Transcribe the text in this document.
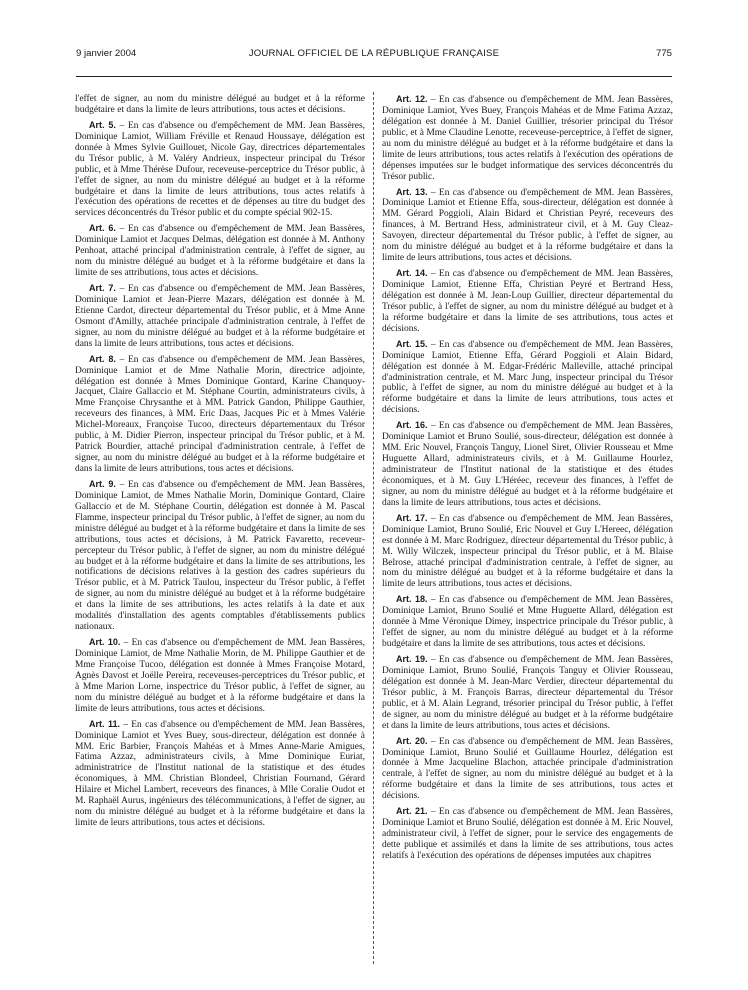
9 janvier 2004	JOURNAL OFFICIEL DE LA RÉPUBLIQUE FRANÇAISE	775

l'effet de signer, au nom du ministre délégué au budget et à la réforme budgétaire et dans la limite de leurs attributions, tous actes et décisions.

Art. 5. – En cas d'absence ou d'empêchement de MM. Jean Bassères, Dominique Lamiot, William Fréville et Renaud Houssaye, délégation est donnée à Mmes Sylvie Guillouet, Nicole Gay, directrices départementales du Trésor public, à M. Valéry Andrieux, inspecteur principal du Trésor public, et à Mme Thérèse Dufour, receveuse-perceptrice du Trésor public, à l'effet de signer, au nom du ministre délégué au budget et à la réforme budgétaire et dans la limite de leurs attributions, tous actes relatifs à l'exécution des opérations de recettes et de dépenses au titre du budget des services déconcentrés du Trésor public et du compte spécial 902-15.

Art. 6. – En cas d'absence ou d'empêchement de MM. Jean Bassères, Dominique Lamiot et Jacques Delmas, délégation est donnée à M. Anthony Penhoat, attaché principal d'administration centrale, à l'effet de signer, au nom du ministre délégué au budget et à la réforme budgétaire et dans la limite de ses attributions, tous actes et décisions.

Art. 7. – En cas d'absence ou d'empêchement de MM. Jean Bassères, Dominique Lamiot et Jean-Pierre Mazars, délégation est donnée à M. Etienne Cardot, directeur départemental du Trésor public, et à Mme Anne Osmont d'Amilly, attachée principale d'administration centrale, à l'effet de signer, au nom du ministre délégué au budget et à la réforme budgétaire et dans la limite de leurs attributions, tous actes et décisions.

Art. 8. – En cas d'absence ou d'empêchement de MM. Jean Bassères, Dominique Lamiot et de Mme Nathalie Morin, directrice adjointe, délégation est donnée à Mmes Dominique Gontard, Karine Chanquoy-Jacquet, Claire Gallaccio et M. Stéphane Courtin, administrateurs civils, à Mme Françoise Chrysanthe et à MM. Patrick Gandon, Philippe Gauthier, receveurs des finances, à MM. Eric Daas, Jacques Pic et à Mmes Valérie Michel-Moreaux, Françoise Tucoo, directeurs départementaux du Trésor public, à M. Didier Pierron, inspecteur principal du Trésor public, et à M. Patrick Bourdier, attaché principal d'administration centrale, à l'effet de signer, au nom du ministre délégué au budget et à la réforme budgétaire et dans la limite de leurs attributions, tous actes et décisions.

Art. 9. – En cas d'absence ou d'empêchement de MM. Jean Bassères, Dominique Lamiot, de Mmes Nathalie Morin, Dominique Gontard, Claire Gallaccio et de M. Stéphane Courtin, délégation est donnée à M. Pascal Flamme, inspecteur principal du Trésor public, à l'effet de signer, au nom du ministre délégué au budget et à la réforme budgétaire et dans la limite de ses attributions, tous actes et décisions, à M. Patrick Favaretto, receveur-percepteur du Trésor public, à l'effet de signer, au nom du ministre délégué au budget et à la réforme budgétaire et dans la limite de ses attributions, les notifications de décisions relatives à la gestion des cadres supérieurs du Trésor public, et à M. Patrick Taulou, inspecteur du Trésor public, à l'effet de signer, au nom du ministre délégué au budget et à la réforme budgétaire et dans la limite de ses attributions, les actes relatifs à la date et aux modalités d'installation des agents comptables d'établissements publics nationaux.

Art. 10. – En cas d'absence ou d'empêchement de MM. Jean Bassères, Dominique Lamiot, de Mme Nathalie Morin, de M. Philippe Gauthier et de Mme Françoise Tucoo, délégation est donnée à Mmes Françoise Motard, Agnès Davost et Joëlle Pereira, receveuses-perceptrices du Trésor public, et à Mme Marion Lorne, inspectrice du Trésor public, à l'effet de signer, au nom du ministre délégué au budget et à la réforme budgétaire et dans la limite de leurs attributions, tous actes et décisions.

Art. 11. – En cas d'absence ou d'empêchement de MM. Jean Bassères, Dominique Lamiot et Yves Buey, sous-directeur, délégation est donnée à MM. Eric Barbier, François Mahéas et à Mmes Anne-Marie Amigues, Fatima Azzaz, administrateurs civils, à Mme Dominique Euriat, administratrice de l'Institut national de la statistique et des études économiques, à MM. Christian Blondeel, Christian Fournand, Gérard Hilaire et Michel Lambert, receveurs des finances, à Mlle Coralie Oudot et M. Raphaël Aurus, ingénieurs des télécommunications, à l'effet de signer, au nom du ministre délégué au budget et à la réforme budgétaire et dans la limite de leurs attributions, tous actes et décisions.

Art. 12. – En cas d'absence ou d'empêchement de MM. Jean Bassères, Dominique Lamiot, Yves Buey, François Mahéas et de Mme Fatima Azzaz, délégation est donnée à M. Daniel Guillier, trésorier principal du Trésor public, et à Mme Claudine Lenotte, receveuse-perceptrice, à l'effet de signer, au nom du ministre délégué au budget et à la réforme budgétaire et dans la limite de leurs attributions, tous actes relatifs à l'exécution des opérations de dépenses imputées sur le budget informatique des services déconcentrés du Trésor public.

Art. 13. – En cas d'absence ou d'empêchement de MM. Jean Bassères, Dominique Lamiot et Etienne Effa, sous-directeur, délégation est donnée à MM. Gérard Poggioli, Alain Bidard et Christian Peyré, receveurs des finances, à M. Bertrand Hess, administrateur civil, et à M. Guy Cleaz-Savoyen, directeur départemental du Trésor public, à l'effet de signer, au nom du ministre délégué au budget et à la réforme budgétaire et dans la limite de leurs attributions, tous actes et décisions.

Art. 14. – En cas d'absence ou d'empêchement de MM. Jean Bassères, Dominique Lamiot, Etienne Effa, Christian Peyré et Bertrand Hess, délégation est donnée à M. Jean-Loup Guillier, directeur départemental du Trésor public, à l'effet de signer, au nom du ministre délégué au budget et à la réforme budgétaire et dans la limite de ses attributions, tous actes et décisions.

Art. 15. – En cas d'absence ou d'empêchement de MM. Jean Bassères, Dominique Lamiot, Etienne Effa, Gérard Poggioli et Alain Bidard, délégation est donnée à M. Edgar-Frédéric Malleville, attaché principal d'administration centrale, et M. Marc Jung, inspecteur principal du Trésor public, à l'effet de signer, au nom du ministre délégué au budget et à la réforme budgétaire et dans la limite de leurs attributions, tous actes et décisions.

Art. 16. – En cas d'absence ou d'empêchement de MM. Jean Bassères, Dominique Lamiot et Bruno Soulié, sous-directeur, délégation est donnée à MM. Eric Nouvel, François Tanguy, Lionel Siret, Olivier Rousseau et Mme Huguette Allard, administrateurs civils, et à M. Guillaume Hourlez, administrateur de l'Institut national de la statistique et des études économiques, et à M. Guy L'Héréec, receveur des finances, à l'effet de signer, au nom du ministre délégué au budget et à la réforme budgétaire et dans la limite de leurs attributions, tous actes et décisions.

Art. 17. – En cas d'absence ou d'empêchement de MM. Jean Bassères, Dominique Lamiot, Bruno Soulié, Eric Nouvel et Guy L'Hereec, délégation est donnée à M. Marc Rodriguez, directeur départemental du Trésor public, à M. Willy Wilczek, inspecteur principal du Trésor public, et à M. Blaise Belrose, attaché principal d'administration centrale, à l'effet de signer, au nom du ministre délégué au budget et à la réforme budgétaire et dans la limite de leurs attributions, tous actes et décisions.

Art. 18. – En cas d'absence ou d'empêchement de MM. Jean Bassères, Dominique Lamiot, Bruno Soulié et Mme Huguette Allard, délégation est donnée à Mme Véronique Dimey, inspectrice principale du Trésor public, à l'effet de signer, au nom du ministre délégué au budget et à la réforme budgétaire et dans la limite de ses attributions, tous actes et décisions.

Art. 19. – En cas d'absence ou d'empêchement de MM. Jean Bassères, Dominique Lamiot, Bruno Soulié, François Tanguy et Olivier Rousseau, délégation est donnée à M. Jean-Marc Verdier, directeur départemental du Trésor public, à M. François Barras, directeur départemental du Trésor public, et à M. Alain Legrand, trésorier principal du Trésor public, à l'effet de signer, au nom du ministre délégué au budget et à la réforme budgétaire et dans la limite de leurs attributions, tous actes et décisions.

Art. 20. – En cas d'absence ou d'empêchement de MM. Jean Bassères, Dominique Lamiot, Bruno Soulié et Guillaume Hourlez, délégation est donnée à Mme Jacqueline Blachon, attachée principale d'administration centrale, à l'effet de signer, au nom du ministre délégué au budget et à la réforme budgétaire et dans la limite de ses attributions, tous actes et décisions.

Art. 21. – En cas d'absence ou d'empêchement de MM. Jean Bassères, Dominique Lamiot et Bruno Soulié, délégation est donnée à M. Eric Nouvel, administrateur civil, à l'effet de signer, pour le service des engagements de dette publique et assimilés et dans la limite de ses attributions, tous actes relatifs à l'exécution des opérations de dépenses imputées aux chapitres
